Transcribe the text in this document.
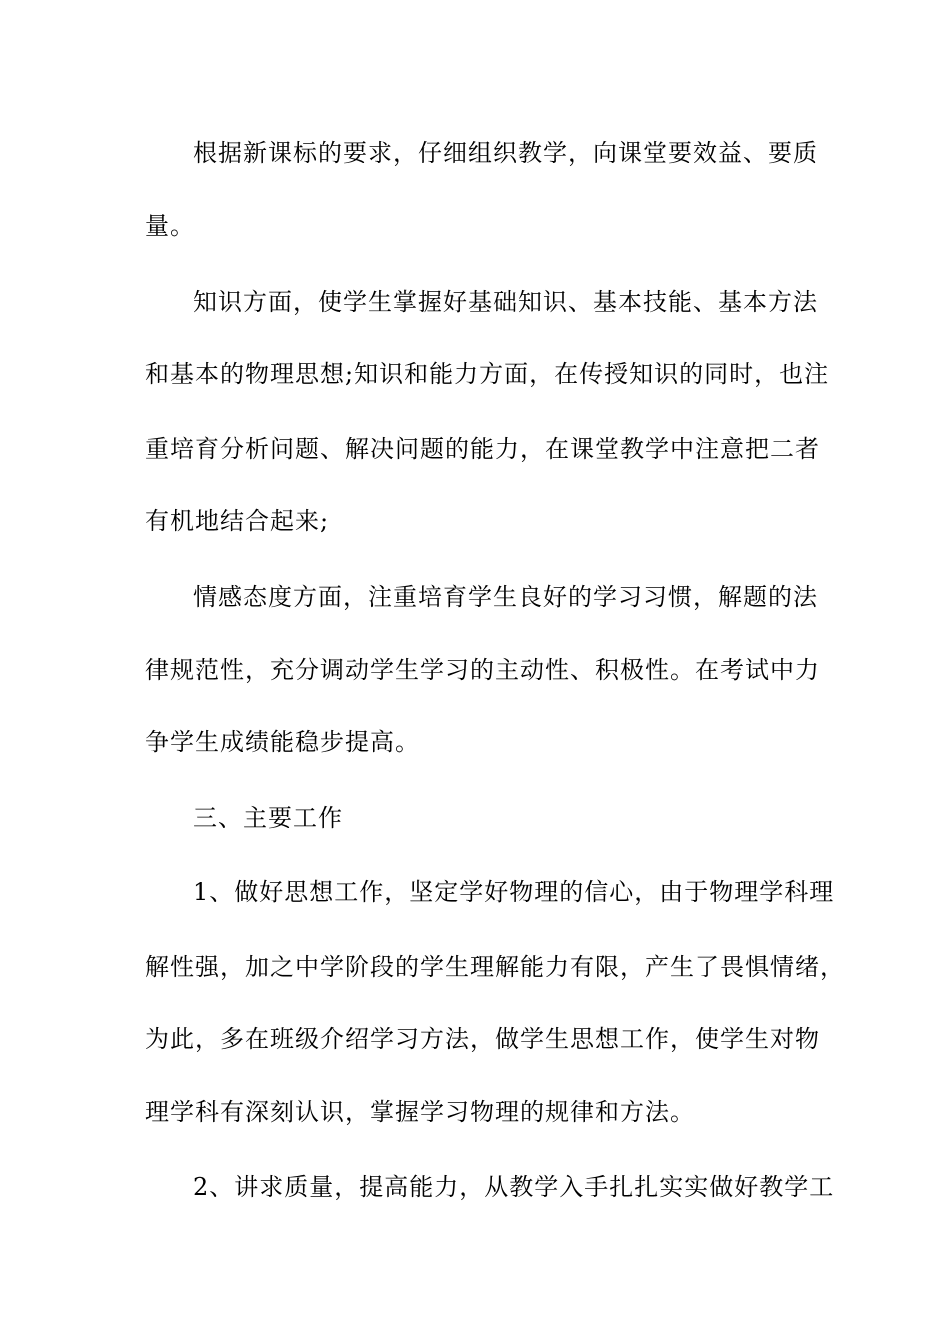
根据新课标的要求，仔细组织教学，向课堂要效益、要质
量。
知识方面，使学生掌握好基础知识、基本技能、基本方法
和基本的物理思想;知识和能力方面，在传授知识的同时，也注
重培育分析问题、解决问题的能力，在课堂教学中注意把二者
有机地结合起来;
情感态度方面，注重培育学生良好的学习习惯，解题的法
律规范性，充分调动学生学习的主动性、积极性。在考试中力
争学生成绩能稳步提高。
三、主要工作
1、做好思想工作，坚定学好物理的信心，由于物理学科理
解性强，加之中学阶段的学生理解能力有限，产生了畏惧情绪，
为此，多在班级介绍学习方法，做学生思想工作，使学生对物
理学科有深刻认识，掌握学习物理的规律和方法。
2、讲求质量，提高能力，从教学入手扎扎实实做好教学工
